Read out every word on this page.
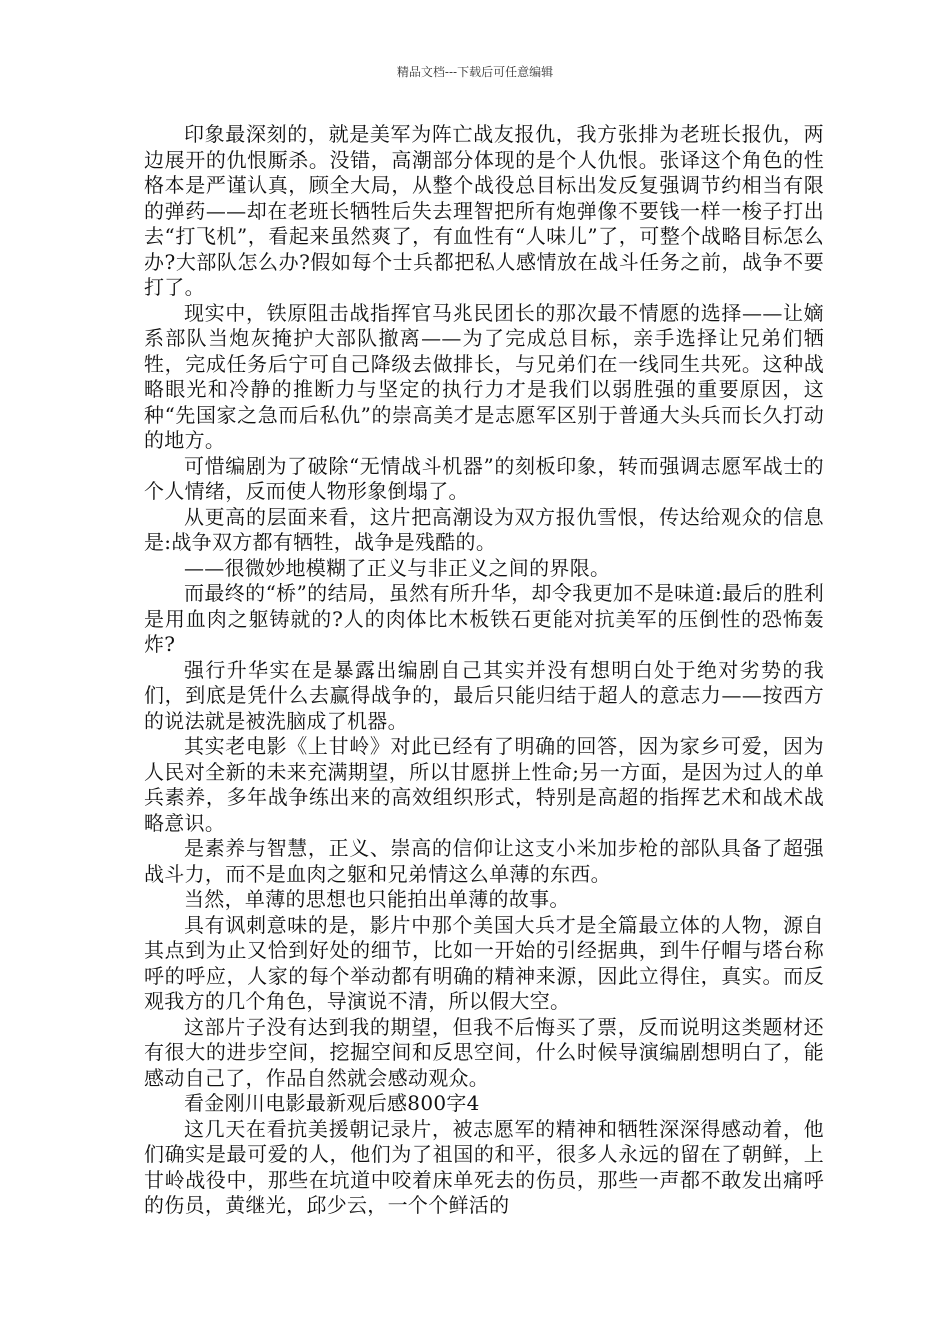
精品文档---下载后可任意编辑

印象最深刻的，就是美军为阵亡战友报仇，我方张排为老班长报仇，两边展开的仇恨厮杀。没错，高潮部分体现的是个人仇恨。张译这个角色的性格本是严谨认真，顾全大局，从整个战役总目标出发反复强调节约相当有限的弹药——却在老班长牺牲后失去理智把所有炮弹像不要钱一样一梭子打出去“打飞机”，看起来虽然爽了，有血性有“人味儿”了，可整个战略目标怎么办?大部队怎么办?假如每个士兵都把私人感情放在战斗任务之前，战争不要打了。

现实中，铁原阻击战指挥官马兆民团长的那次最不情愿的选择——让嫡系部队当炮灰掩护大部队撤离——为了完成总目标，亲手选择让兄弟们牺牲，完成任务后宁可自己降级去做排长，与兄弟们在一线同生共死。这种战略眼光和冷静的推断力与坚定的执行力才是我们以弱胜强的重要原因，这种“先国家之急而后私仇”的崇高美才是志愿军区别于普通大头兵而长久打动的地方。

可惜编剧为了破除“无情战斗机器”的刻板印象，转而强调志愿军战士的个人情绪，反而使人物形象倒塌了。

从更高的层面来看，这片把高潮设为双方报仇雪恨，传达给观众的信息是:战争双方都有牺牲，战争是残酷的。

——很微妙地模糊了正义与非正义之间的界限。

而最终的“桥”的结局，虽然有所升华，却令我更加不是味道:最后的胜利是用血肉之躯铸就的?人的肉体比木板铁石更能对抗美军的压倒性的恐怖轰炸?

强行升华实在是暴露出编剧自己其实并没有想明白处于绝对劣势的我们，到底是凭什么去赢得战争的，最后只能归结于超人的意志力——按西方的说法就是被洗脑成了机器。

其实老电影《上甘岭》对此已经有了明确的回答，因为家乡可爱，因为人民对全新的未来充满期望，所以甘愿拼上性命;另一方面，是因为过人的单兵素养，多年战争练出来的高效组织形式，特别是高超的指挥艺术和战术战略意识。

是素养与智慧，正义、崇高的信仰让这支小米加步枪的部队具备了超强战斗力，而不是血肉之躯和兄弟情这么单薄的东西。

当然，单薄的思想也只能拍出单薄的故事。

具有讽刺意味的是，影片中那个美国大兵才是全篇最立体的人物，源自其点到为止又恰到好处的细节，比如一开始的引经据典，到牛仔帽与塔台称呼的呼应，人家的每个举动都有明确的精神来源，因此立得住，真实。而反观我方的几个角色，导演说不清，所以假大空。

这部片子没有达到我的期望，但我不后悔买了票，反而说明这类题材还有很大的进步空间，挖掘空间和反思空间，什么时候导演编剧想明白了，能感动自己了，作品自然就会感动观众。

看金刚川电影最新观后感800字4

这几天在看抗美援朝记录片，被志愿军的精神和牺牲深深得感动着，他们确实是最可爱的人，他们为了祖国的和平，很多人永远的留在了朝鲜，上甘岭战役中，那些在坑道中咬着床单死去的伤员，那些一声都不敢发出痛呼的伤员，黄继光，邱少云，一个个鲜活的
